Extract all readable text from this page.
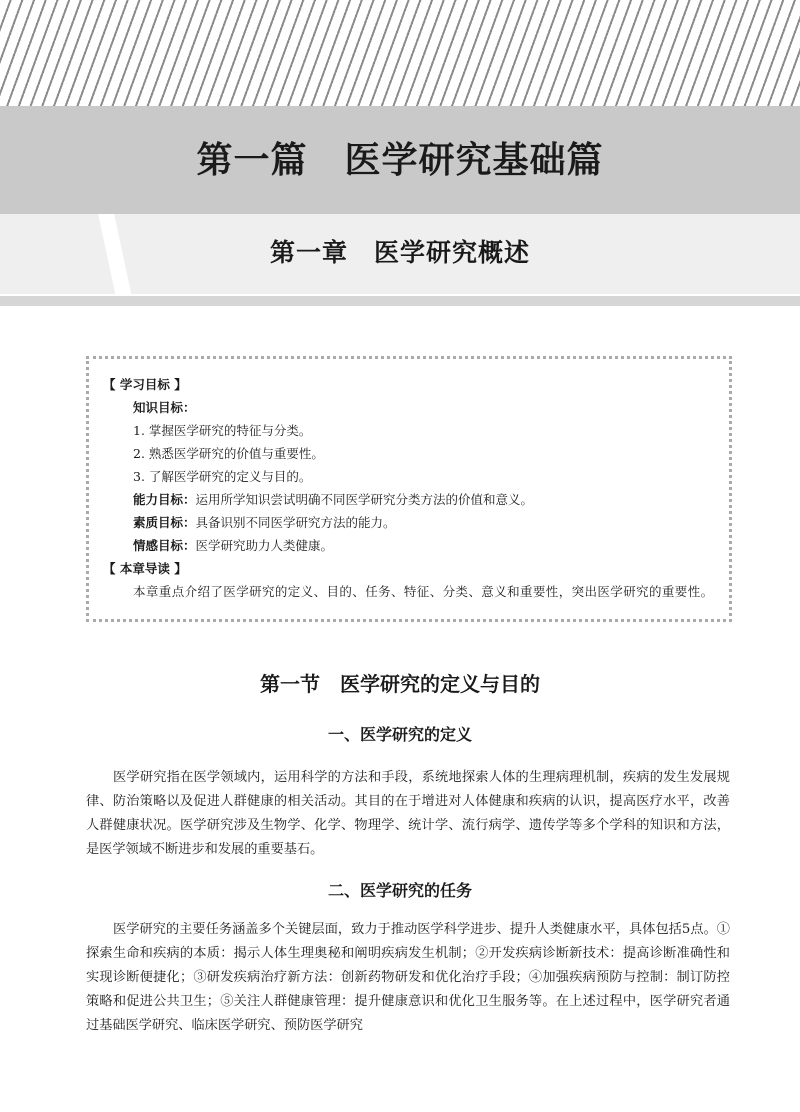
第一篇　医学研究基础篇
第一章　医学研究概述

【 学习目标 】

知识目标：

1. 掌握医学研究的特征与分类。

2. 熟悉医学研究的价值与重要性。

3. 了解医学研究的定义与目的。

能力目标：运用所学知识尝试明确不同医学研究分类方法的价值和意义。

素质目标：具备识别不同医学研究方法的能力。

情感目标：医学研究助力人类健康。

【 本章导读 】

本章重点介绍了医学研究的定义、目的、任务、特征、分类、意义和重要性，突出医学研究的重要性。

第一节　医学研究的定义与目的
一、医学研究的定义

医学研究指在医学领域内，运用科学的方法和手段，系统地探索人体的生理病理机制，疾病的发生发展规律、防治策略以及促进人群健康的相关活动。其目的在于增进对人体健康和疾病的认识，提高医疗水平，改善人群健康状况。医学研究涉及生物学、化学、物理学、统计学、流行病学、遗传学等多个学科的知识和方法，是医学领域不断进步和发展的重要基石。

二、医学研究的任务

医学研究的主要任务涵盖多个关键层面，致力于推动医学科学进步、提升人类健康水平，具体包括5点。①探索生命和疾病的本质：揭示人体生理奥秘和阐明疾病发生机制；②开发疾病诊断新技术：提高诊断准确性和实现诊断便捷化；③研发疾病治疗新方法：创新药物研发和优化治疗手段；④加强疾病预防与控制：制订防控策略和促进公共卫生；⑤关注人群健康管理：提升健康意识和优化卫生服务等。在上述过程中，医学研究者通过基础医学研究、临床医学研究、预防医学研究
